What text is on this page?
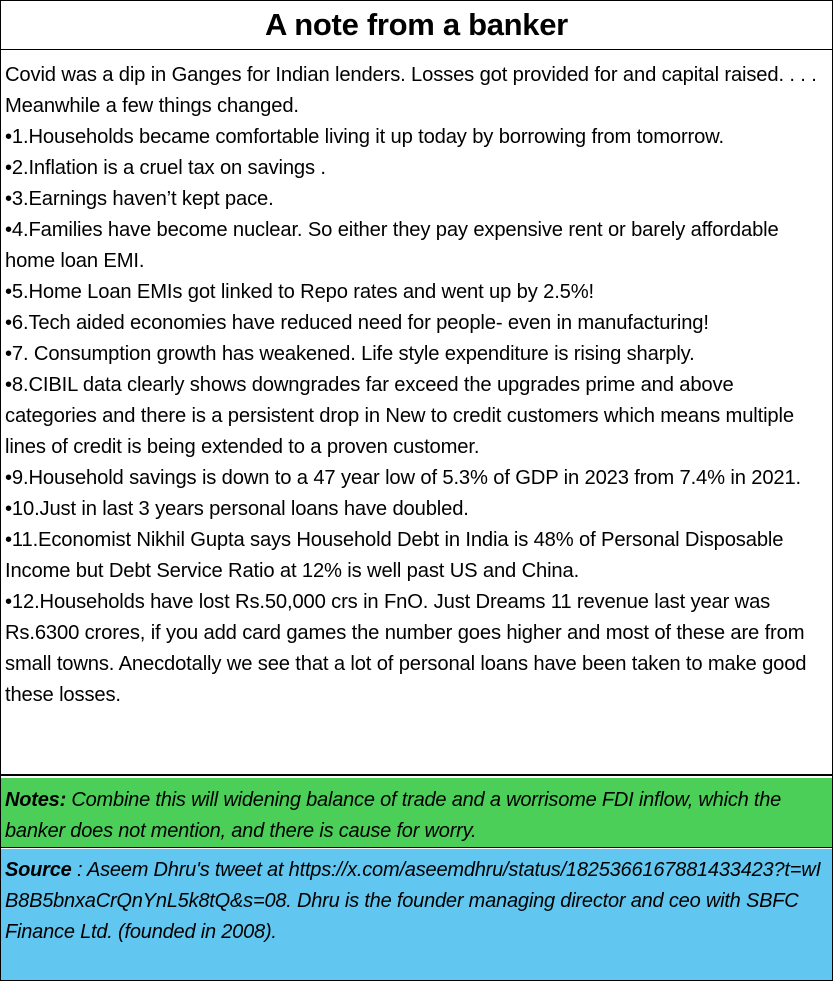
A note from a banker

Covid was a dip in Ganges for Indian lenders. Losses got provided for and capital raised. . . .

Meanwhile a few things changed.

•1.Households became comfortable living it up today by borrowing from tomorrow.

•2.Inflation is a cruel tax on savings .

•3.Earnings haven’t kept pace.

•4.Families have become nuclear. So either they pay expensive rent or barely affordable home loan EMI.

•5.Home Loan EMIs got linked to Repo rates and went up by 2.5%!

•6.Tech aided economies have reduced need for people- even in manufacturing!

•7. Consumption growth has weakened. Life style expenditure is rising sharply.

•8.CIBIL data clearly shows downgrades far exceed the upgrades prime and above categories and there is a persistent drop in New to credit customers which means multiple lines of credit is being extended to a proven customer.

•9.Household savings is down to a 47 year low of 5.3% of GDP in 2023 from 7.4% in 2021.

•10.Just in last 3 years personal loans have doubled.

•11.Economist Nikhil Gupta says Household Debt in India is 48% of Personal Disposable Income but Debt Service Ratio at 12% is well past US and China.

•12.Households have lost Rs.50,000 crs in FnO. Just Dreams 11 revenue last year was Rs.6300 crores, if you add card games the number goes higher and most of these are from small towns. Anecdotally we see that a lot of personal loans have been taken to make good these losses.

Notes: Combine this will widening balance of trade and a worrisome FDI inflow, which the banker does not mention, and there is cause for worry.
Source : Aseem Dhru's tweet at https://x.com/aseemdhru/status/1825366167881433423?t=wIB8B5bnxaCrQnYnL5k8tQ&s=08. Dhru is the founder managing director and ceo with SBFC Finance Ltd. (founded in 2008).
